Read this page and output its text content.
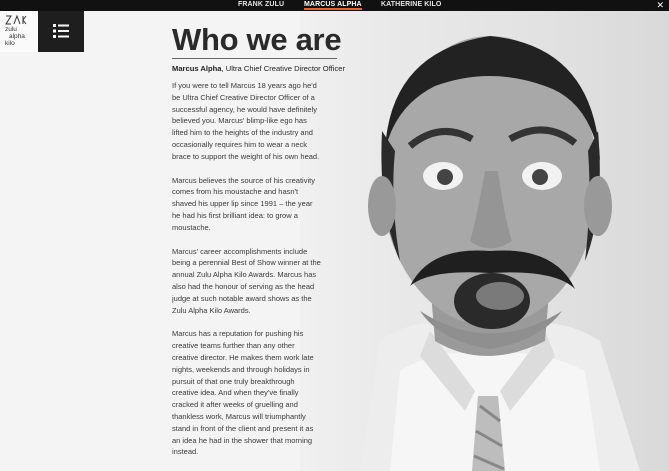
FRANK ZULU	MARCUS ALPHA	KATHERINE KILO	✕
zulu
alpha
kilo	Who we are
Marcus Alpha, Ultra Chief Creative Director Officer

If you were to tell Marcus 18 years ago he'd be Ultra Chief Creative Director Officer of a successful agency, he would have definitely believed you. Marcus' blimp-like ego has lifted him to the heights of the industry and occasionally requires him to wear a neck brace to support the weight of his own head.

Marcus believes the source of his creativity comes from his moustache and hasn't shaved his upper lip since 1991 – the year he had his first brilliant idea: to grow a moustache.

Marcus' career accomplishments include being a perennial Best of Show winner at the annual Zulu Alpha Kilo Awards. Marcus has also had the honour of serving as the head judge at such notable award shows as the Zulu Alpha Kilo Awards.

Marcus has a reputation for pushing his creative teams further than any other creative director. He makes them work late nights, weekends and through holidays in pursuit of that one truly breakthrough creative idea. And when they've finally cracked it after weeks of gruelling and thankless work, Marcus will triumphantly stand in front of the client and present it as an idea he had in the shower that morning instead.
